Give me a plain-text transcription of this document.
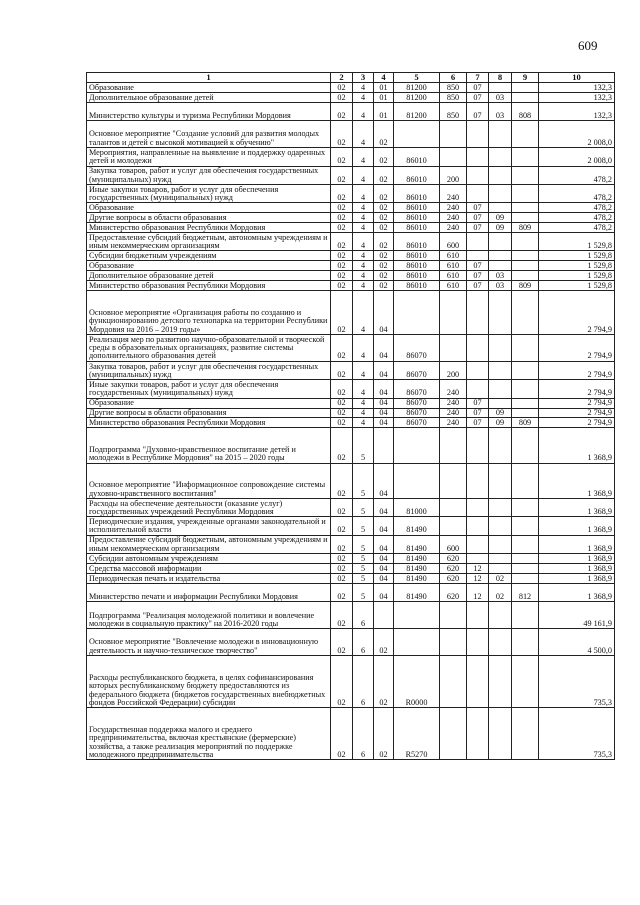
609
1	2	3	4	5	6	7	8	9	10
Образование	02	4	01	81200	850	07			132,3
Дополнительное образование детей	02	4	01	81200	850	07	03		132,3
Министерство культуры и туризма Республики Мордовия	02	4	01	81200	850	07	03	808	132,3
Основное мероприятие "Создание условий для развития молодых талантов и детей с высокой мотивацией к обучению"	02	4	02						2 008,0
Мероприятия, направленные на выявление и поддержку одаренных детей и молодежи	02	4	02	86010					2 008,0
Закупка товаров, работ и услуг для обеспечения государственных (муниципальных) нужд	02	4	02	86010	200				478,2
Иные закупки товаров, работ и услуг для обеспечения государственных (муниципальных) нужд	02	4	02	86010	240				478,2
Образование	02	4	02	86010	240	07			478,2
Другие вопросы в области образования	02	4	02	86010	240	07	09		478,2
Министерство образования Республики Мордовия	02	4	02	86010	240	07	09	809	478,2
Предоставление субсидий бюджетным, автономным учреждениям и иным некоммерческим организациям	02	4	02	86010	600				1 529,8
Субсидии бюджетным учреждениям	02	4	02	86010	610				1 529,8
Образование	02	4	02	86010	610	07			1 529,8
Дополнительное образование детей	02	4	02	86010	610	07	03		1 529,8
Министерство образования Республики Мордовия	02	4	02	86010	610	07	03	809	1 529,8
Основное мероприятие «Организация работы по созданию и функционированию детского технопарка на территории Республики Мордовия на 2016 – 2019 годы»	02	4	04						2 794,9
Реализация мер по развитию научно-образовательной и творческой среды в образовательных организациях, развитие системы дополнительного образования детей	02	4	04	86070					2 794,9
Закупка товаров, работ и услуг для обеспечения государственных (муниципальных) нужд	02	4	04	86070	200				2 794,9
Иные закупки товаров, работ и услуг для обеспечения государственных (муниципальных) нужд	02	4	04	86070	240				2 794,9
Образование	02	4	04	86070	240	07			2 794,9
Другие вопросы в области образования	02	4	04	86070	240	07	09		2 794,9
Министерство образования Республики Мордовия	02	4	04	86070	240	07	09	809	2 794,9
Подпрограмма "Духовно-нравственное воспитание детей и молодежи в Республике Мордовия" на 2015 – 2020 годы	02	5							1 368,9
Основное мероприятие "Информационное сопровождение системы духовно-нравственного воспитания"	02	5	04						1 368,9
Расходы на обеспечение деятельности (оказание услуг) государственных учреждений Республики Мордовия	02	5	04	81000					1 368,9
Периодические издания, учрежденные органами законодательной и исполнительной власти	02	5	04	81490					1 368,9
Предоставление субсидий бюджетным, автономным учреждениям и иным некоммерческим организациям	02	5	04	81490	600				1 368,9
Субсидии автономным учреждениям	02	5	04	81490	620				1 368,9
Средства массовой информации	02	5	04	81490	620	12			1 368,9
Периодическая печать и издательства	02	5	04	81490	620	12	02		1 368,9
Министерство печати и информации Республики Мордовия	02	5	04	81490	620	12	02	812	1 368,9
Подпрограмма "Реализация молодежной политики и вовлечение молодежи в социальную практику" на 2016-2020 годы	02	6							49 161,9
Основное мероприятие "Вовлечение молодежи в инновационную деятельность и научно-техническое творчество"	02	6	02						4 500,0
Расходы республиканского бюджета, в целях софинансирования которых республиканскому бюджету предоставляются из федерального бюджета (бюджетов государственных внебюджетных фондов Российской Федерации) субсидии	02	6	02	R0000					735,3
Государственная поддержка малого и среднего предпринимательства, включая крестьянские (фермерские) хозяйства, а также реализация мероприятий по поддержке молодежного предпринимательства	02	6	02	R5270					735,3
